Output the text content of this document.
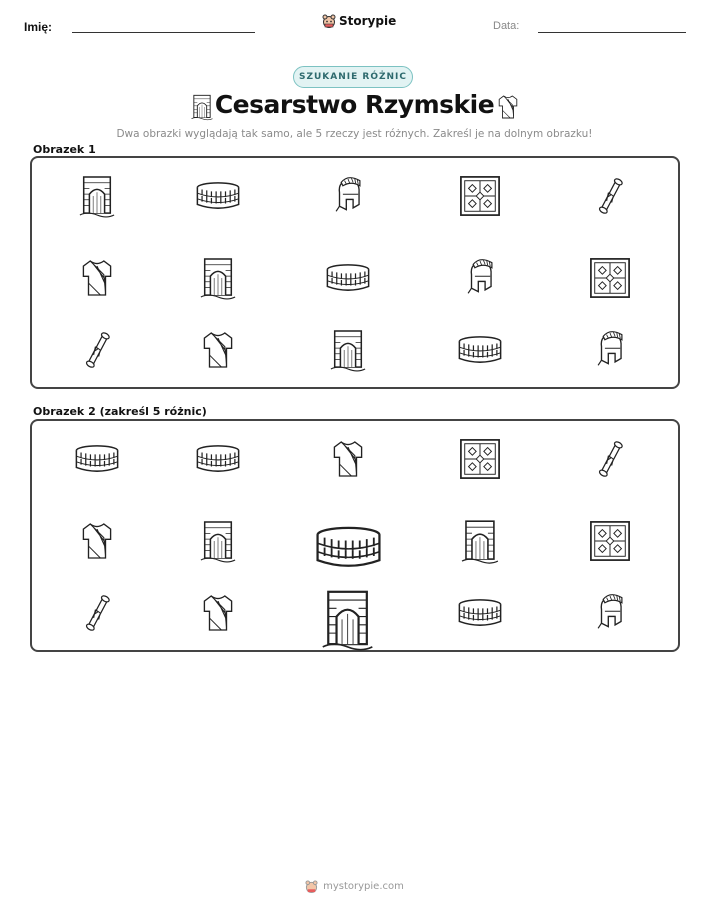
Imię:	Storypie	Data:
SZUKANIE RÓŻNIC
Cesarstwo Rzymskie
Dwa obrazki wyglądają tak samo, ale 5 rzeczy jest różnych. Zakreśl je na dolnym obrazku!
Obrazek 1
Obrazek 2 (zakreśl 5 różnic)
mystorypie.com
